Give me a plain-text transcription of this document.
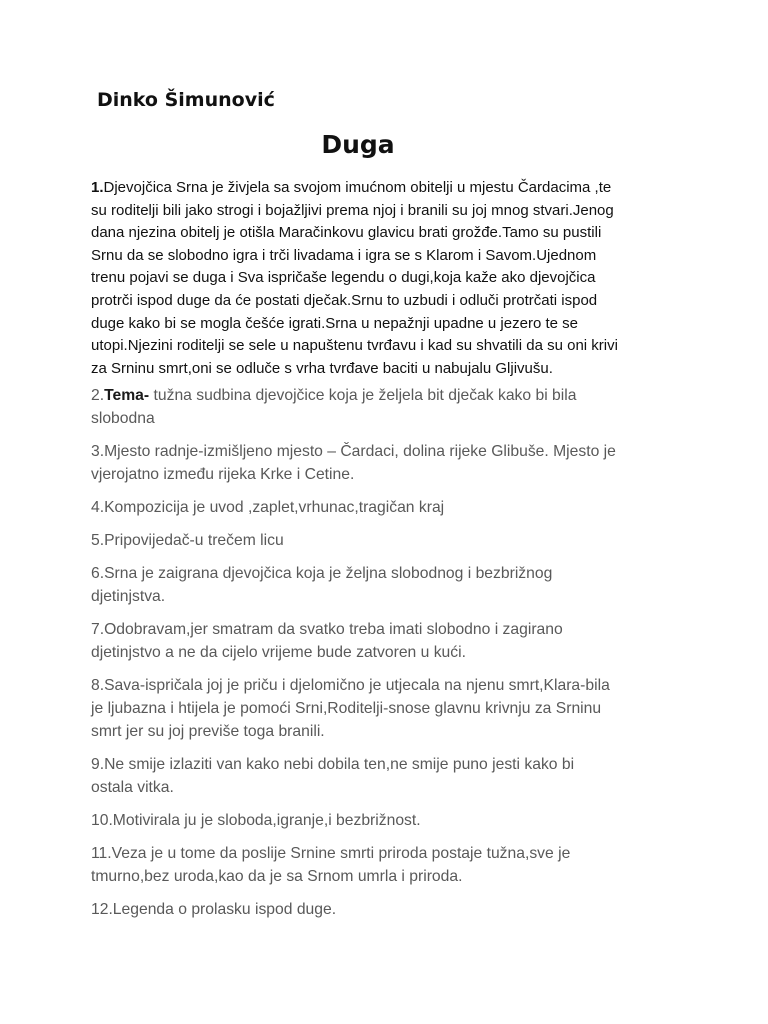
Dinko Šimunović
Duga
1.Djevojčica Srna je živjela sa svojom imućnom obitelji u mjestu Čardacima ,te
su roditelji bili jako strogi i bojažljivi prema njoj i branili su joj mnog stvari.Jenog
dana njezina obitelj je otišla Maračinkovu glavicu brati grožđe.Tamo su pustili
Srnu da se slobodno igra i trči livadama i igra se s Klarom i Savom.Ujednom
trenu pojavi se duga i Sva ispričaše legendu o dugi,koja kaže ako djevojčica
protrči ispod duge da će postati dječak.Srnu to uzbudi i odluči protrčati ispod
duge kako bi se mogla češće igrati.Srna u nepažnji upadne u jezero te se
utopi.Njezini roditelji se sele u napuštenu tvrđavu i kad su shvatili da su oni krivi
za Srninu smrt,oni se odluče s vrha tvrđave baciti u nabujalu Gljivušu.
2.Tema- tužna sudbina djevojčice koja je željela bit dječak kako bi bila
slobodna
3.Mjesto radnje-izmišljeno mjesto – Čardaci, dolina rijeke Glibuše. Mjesto je
vjerojatno između rijeka Krke i Cetine.
4.Kompozicija je uvod ,zaplet,vrhunac,tragičan kraj
5.Pripovijedač-u trečem licu
6.Srna je zaigrana djevojčica koja je željna slobodnog i bezbrižnog
djetinjstva.
7.Odobravam,jer smatram da svatko treba imati slobodno i zagirano
djetinjstvo a ne da cijelo vrijeme bude zatvoren u kući.
8.Sava-ispričala joj je priču i djelomično je utjecala na njenu smrt,Klara-bila
je ljubazna i htijela je pomoći Srni,Roditelji-snose glavnu krivnju za Srninu
smrt jer su joj previše toga branili.
9.Ne smije izlaziti van kako nebi dobila ten,ne smije puno jesti kako bi
ostala vitka.
10.Motivirala ju je sloboda,igranje,i bezbrižnost.
11.Veza je u tome da poslije Srnine smrti priroda postaje tužna,sve je
tmurno,bez uroda,kao da je sa Srnom umrla i priroda.
12.Legenda o prolasku ispod duge.
